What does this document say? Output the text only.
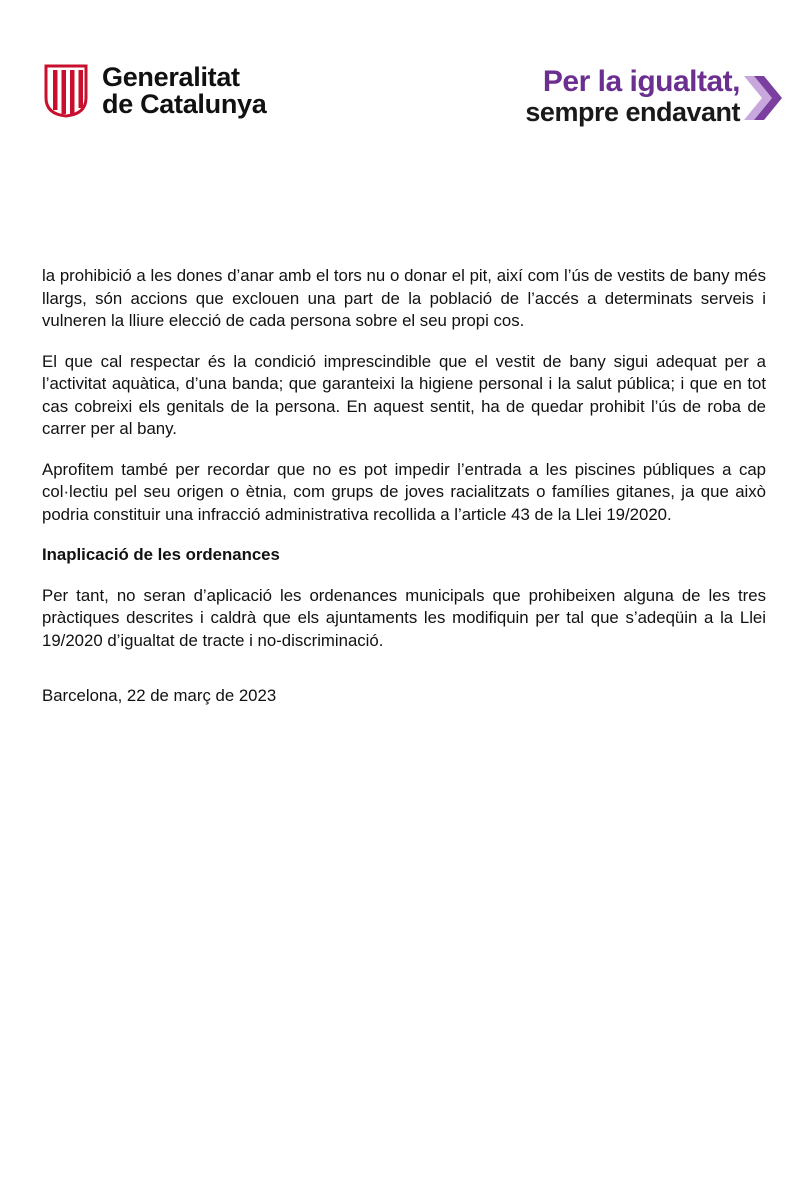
Generalitat
de Catalunya
Per la igualtat,
sempre endavant

la prohibició a les dones d’anar amb el tors nu o donar el pit, així com l’ús de vestits de bany més llargs, són accions que exclouen una part de la població de l’accés a determinats serveis i vulneren la lliure elecció de cada persona sobre el seu propi cos.

El que cal respectar és la condició imprescindible que el vestit de bany sigui adequat per a l’activitat aquàtica, d’una banda; que garanteixi la higiene personal i la salut pública; i que en tot cas cobreixi els genitals de la persona. En aquest sentit, ha de quedar prohibit l’ús de roba de carrer per al bany.

Aprofitem també per recordar que no es pot impedir l’entrada a les piscines públiques a cap col·lectiu pel seu origen o ètnia, com grups de joves racialitzats o famílies gitanes, ja que això podria constituir una infracció administrativa recollida a l’article 43 de la Llei 19/2020.

Inaplicació de les ordenances

Per tant, no seran d’aplicació les ordenances municipals que prohibeixen alguna de les tres pràctiques descrites i caldrà que els ajuntaments les modifiquin per tal que s’adeqüin a la Llei 19/2020 d’igualtat de tracte i no-discriminació.

Barcelona, 22 de març de 2023
